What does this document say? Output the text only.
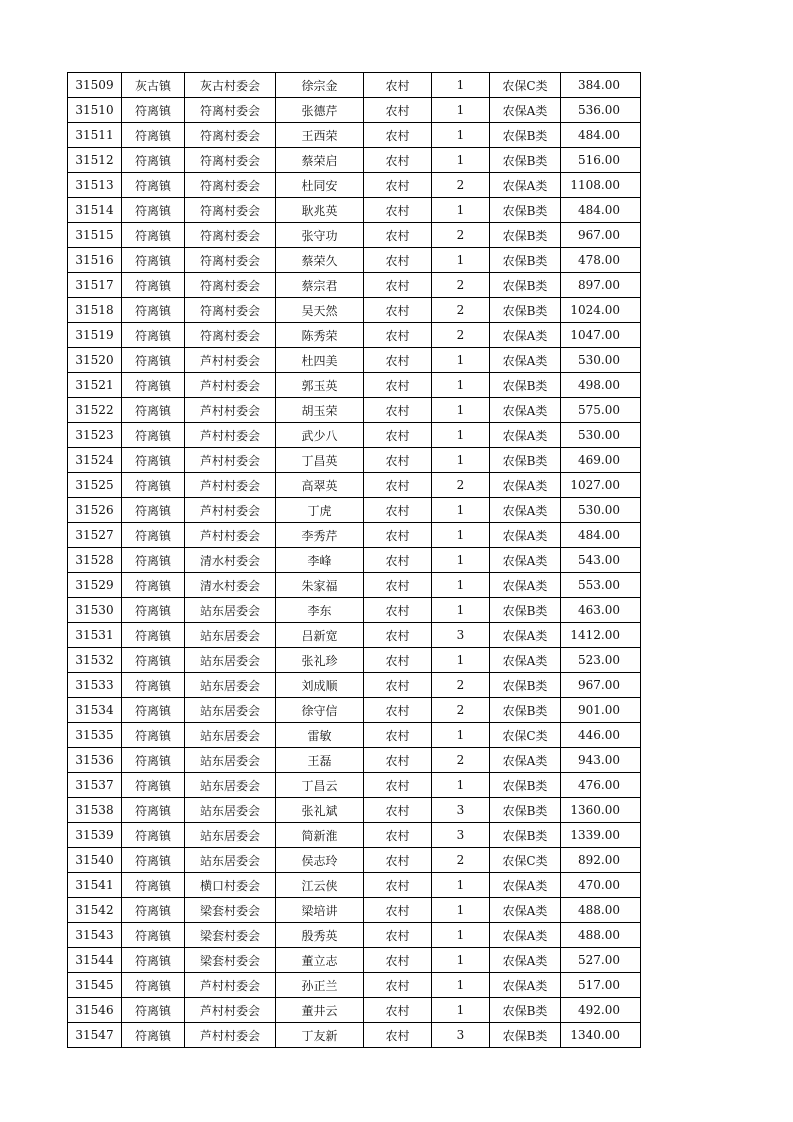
31509	灰古镇	灰古村委会	徐宗金	农村	1	农保C类	384.00
31510	符离镇	符离村委会	张德芹	农村	1	农保A类	536.00
31511	符离镇	符离村委会	王西荣	农村	1	农保B类	484.00
31512	符离镇	符离村委会	蔡荣启	农村	1	农保B类	516.00
31513	符离镇	符离村委会	杜同安	农村	2	农保A类	1108.00
31514	符离镇	符离村委会	耿兆英	农村	1	农保B类	484.00
31515	符离镇	符离村委会	张守功	农村	2	农保B类	967.00
31516	符离镇	符离村委会	蔡荣久	农村	1	农保B类	478.00
31517	符离镇	符离村委会	蔡宗君	农村	2	农保B类	897.00
31518	符离镇	符离村委会	吴天然	农村	2	农保B类	1024.00
31519	符离镇	符离村委会	陈秀荣	农村	2	农保A类	1047.00
31520	符离镇	芦村村委会	杜四美	农村	1	农保A类	530.00
31521	符离镇	芦村村委会	郭玉英	农村	1	农保B类	498.00
31522	符离镇	芦村村委会	胡玉荣	农村	1	农保A类	575.00
31523	符离镇	芦村村委会	武少八	农村	1	农保A类	530.00
31524	符离镇	芦村村委会	丁昌英	农村	1	农保B类	469.00
31525	符离镇	芦村村委会	高翠英	农村	2	农保A类	1027.00
31526	符离镇	芦村村委会	丁虎	农村	1	农保A类	530.00
31527	符离镇	芦村村委会	李秀芹	农村	1	农保A类	484.00
31528	符离镇	清水村委会	李峰	农村	1	农保A类	543.00
31529	符离镇	清水村委会	朱家福	农村	1	农保A类	553.00
31530	符离镇	站东居委会	李东	农村	1	农保B类	463.00
31531	符离镇	站东居委会	吕新宽	农村	3	农保A类	1412.00
31532	符离镇	站东居委会	张礼珍	农村	1	农保A类	523.00
31533	符离镇	站东居委会	刘成顺	农村	2	农保B类	967.00
31534	符离镇	站东居委会	徐守信	农村	2	农保B类	901.00
31535	符离镇	站东居委会	雷敏	农村	1	农保C类	446.00
31536	符离镇	站东居委会	王磊	农村	2	农保A类	943.00
31537	符离镇	站东居委会	丁昌云	农村	1	农保B类	476.00
31538	符离镇	站东居委会	张礼斌	农村	3	农保B类	1360.00
31539	符离镇	站东居委会	简新淮	农村	3	农保B类	1339.00
31540	符离镇	站东居委会	侯志玲	农村	2	农保C类	892.00
31541	符离镇	横口村委会	江云侠	农村	1	农保A类	470.00
31542	符离镇	梁套村委会	梁培讲	农村	1	农保A类	488.00
31543	符离镇	梁套村委会	殷秀英	农村	1	农保A类	488.00
31544	符离镇	梁套村委会	董立志	农村	1	农保A类	527.00
31545	符离镇	芦村村委会	孙正兰	农村	1	农保A类	517.00
31546	符离镇	芦村村委会	董井云	农村	1	农保B类	492.00
31547	符离镇	芦村村委会	丁友新	农村	3	农保B类	1340.00
